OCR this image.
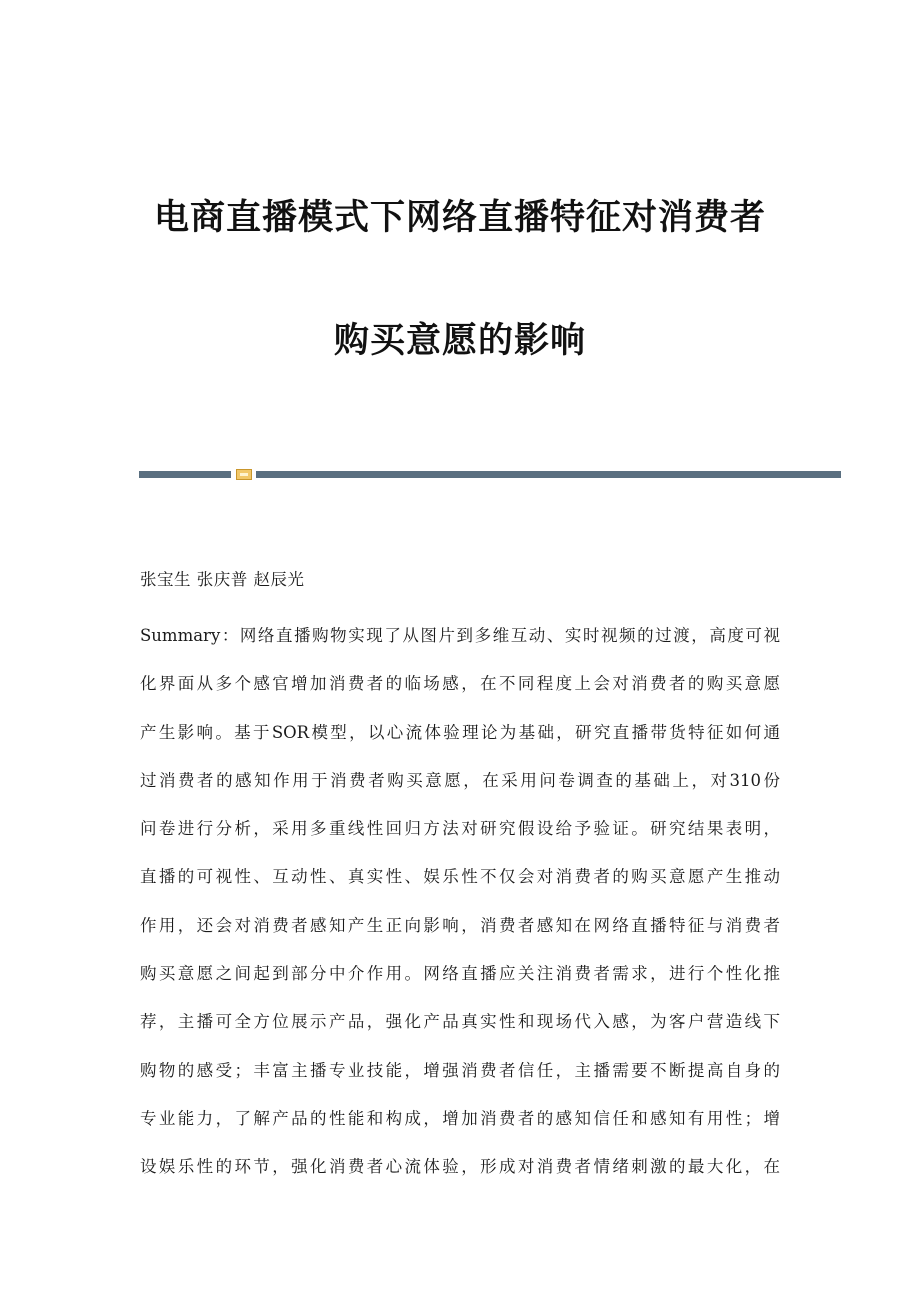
电商直播模式下网络直播特征对消费者
购买意愿的影响
张宝生 张庆普 赵辰光
Summary：网络直播购物实现了从图片到多维互动、实时视频的过渡，高度可视
化界面从多个感官增加消费者的临场感，在不同程度上会对消费者的购买意愿
产生影响。基于SOR模型，以心流体验理论为基础，研究直播带货特征如何通
过消费者的感知作用于消费者购买意愿，在采用问卷调查的基础上，对310份
问卷进行分析，采用多重线性回归方法对研究假设给予验证。研究结果表明，
直播的可视性、互动性、真实性、娱乐性不仅会对消费者的购买意愿产生推动
作用，还会对消费者感知产生正向影响，消费者感知在网络直播特征与消费者
购买意愿之间起到部分中介作用。网络直播应关注消费者需求，进行个性化推
荐，主播可全方位展示产品，强化产品真实性和现场代入感，为客户营造线下
购物的感受；丰富主播专业技能，增强消费者信任，主播需要不断提高自身的
专业能力，了解产品的性能和构成，增加消费者的感知信任和感知有用性；增
设娱乐性的环节，强化消费者心流体验，形成对消费者情绪刺激的最大化，在
